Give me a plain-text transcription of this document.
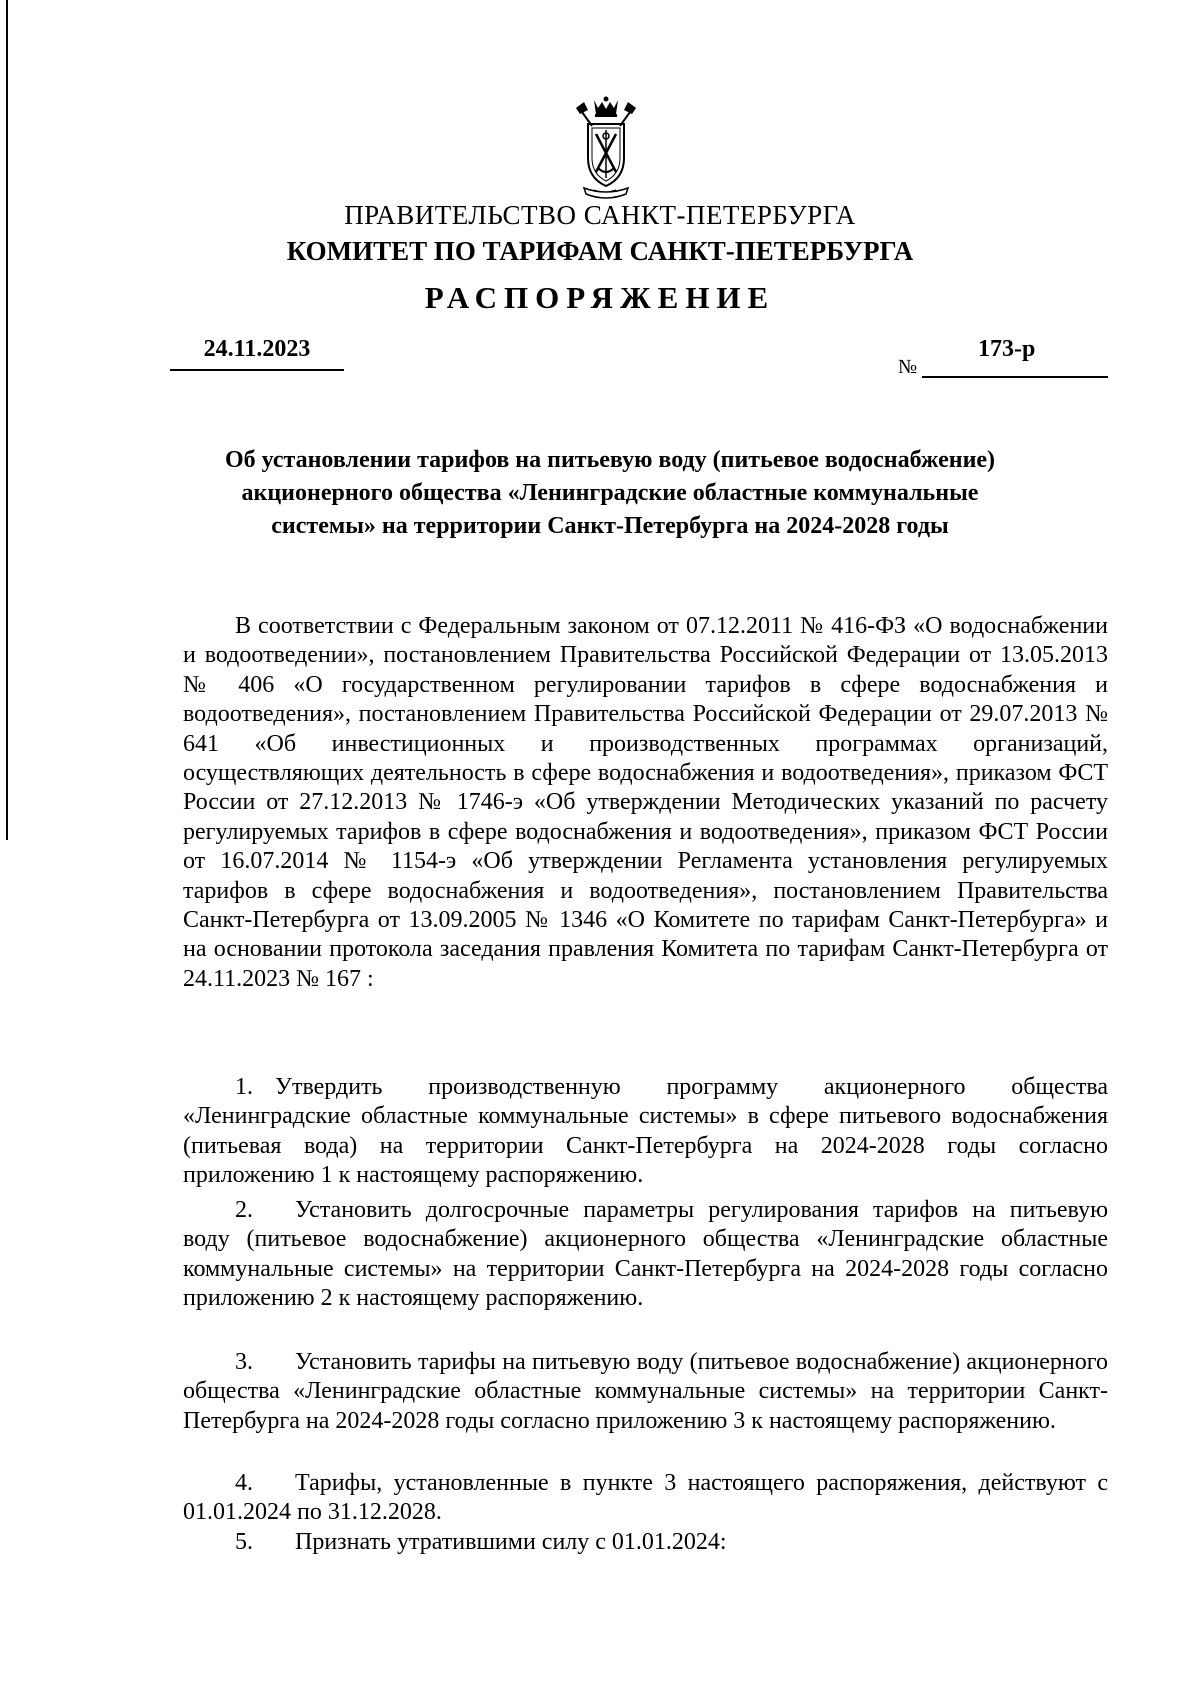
ПРАВИТЕЛЬСТВО САНКТ-ПЕТЕРБУРГА
КОМИТЕТ ПО ТАРИФАМ САНКТ-ПЕТЕРБУРГА
РАСПОРЯЖЕНИЕ
24.11.2023
№
173-р
Об установлении тарифов на питьевую воду (питьевое водоснабжение)
акционерного общества «Ленинградские областные коммунальные
системы» на территории Санкт-Петербурга на 2024-2028 годы
В соответствии с Федеральным законом от 07.12.2011 № 416-ФЗ «О водоснабжении и водоотведении», постановлением Правительства Российской Федерации от 13.05.2013 № 406 «О государственном регулировании тарифов в сфере водоснабжения и водоотведения», постановлением Правительства Российской Федерации от 29.07.2013 № 641 «Об инвестиционных и производственных программах организаций, осуществляющих деятельность в сфере водоснабжения и водоотведения», приказом ФСТ России от 27.12.2013 № 1746-э «Об утверждении Методических указаний по расчету регулируемых тарифов в сфере водоснабжения и водоотведения», приказом ФСТ России от 16.07.2014 № 1154-э «Об утверждении Регламента установления регулируемых тарифов в сфере водоснабжения и водоотведения», постановлением Правительства Санкт-Петербурга от 13.09.2005 № 1346 «О Комитете по тарифам Санкт-Петербурга» и на основании протокола заседания правления Комитета по тарифам Санкт-Петербурга от 24.11.2023 № 167 :
1. Утвердить производственную программу акционерного общества «Ленинградские областные коммунальные системы» в сфере питьевого водоснабжения (питьевая вода) на территории Санкт-Петербурга на 2024-2028 годы согласно приложению 1 к настоящему распоряжению.
2. Установить долгосрочные параметры регулирования тарифов на питьевую воду (питьевое водоснабжение) акционерного общества «Ленинградские областные коммунальные системы» на территории Санкт-Петербурга на 2024-2028 годы согласно приложению 2 к настоящему распоряжению.
3. Установить тарифы на питьевую воду (питьевое водоснабжение) акционерного общества «Ленинградские областные коммунальные системы» на территории Санкт-Петербурга на 2024-2028 годы согласно приложению 3 к настоящему распоряжению.
4. Тарифы, установленные в пункте 3 настоящего распоряжения, действуют с 01.01.2024 по 31.12.2028.
5. Признать утратившими силу с 01.01.2024:
